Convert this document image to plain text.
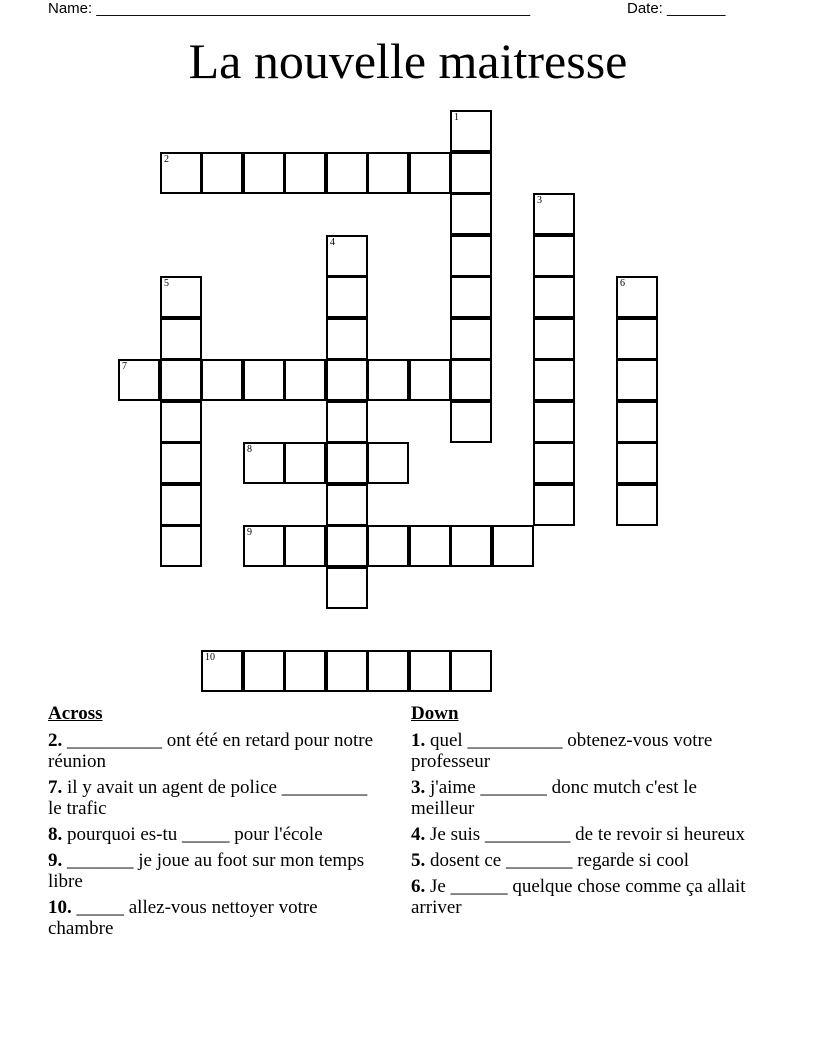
Name: ____________________________________________________	Date: _______
La nouvelle maitresse
1
2
3
4
5	6
7
8
9
10
Across
2. __________ ont été en retard pour notre réunion
7. il y avait un agent de police _________ le trafic
8. pourquoi es-tu _____ pour l'école
9. _______ je joue au foot sur mon temps libre
10. _____ allez-vous nettoyer votre chambre
Down
1. quel __________ obtenez-vous votre professeur
3. j'aime _______ donc mutch c'est le meilleur
4. Je suis _________ de te revoir si heureux
5. dosent ce _______ regarde si cool
6. Je ______ quelque chose comme ça allait arriver
